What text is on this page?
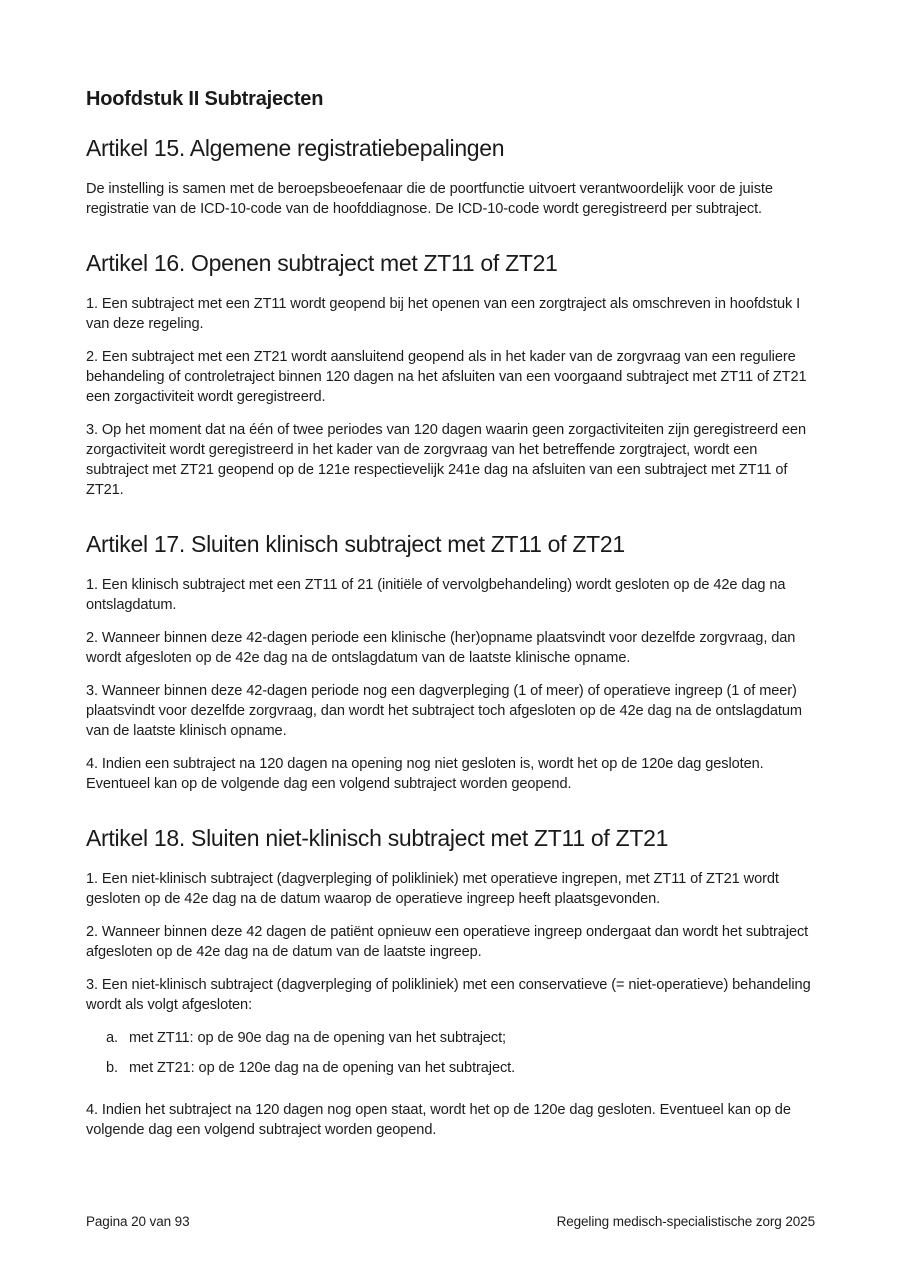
Hoofdstuk II Subtrajecten
Artikel 15. Algemene registratiebepalingen

De instelling is samen met de beroepsbeoefenaar die de poortfunctie uitvoert verantwoordelijk voor de juiste registratie van de ICD-10-code van de hoofddiagnose. De ICD-10-code wordt geregistreerd per subtraject.

Artikel 16. Openen subtraject met ZT11 of ZT21

1. Een subtraject met een ZT11 wordt geopend bij het openen van een zorgtraject als omschreven in hoofdstuk I van deze regeling.

2. Een subtraject met een ZT21 wordt aansluitend geopend als in het kader van de zorgvraag van een reguliere behandeling of controletraject binnen 120 dagen na het afsluiten van een voorgaand subtraject met ZT11 of ZT21 een zorgactiviteit wordt geregistreerd.

3. Op het moment dat na één of twee periodes van 120 dagen waarin geen zorgactiviteiten zijn geregistreerd een zorgactiviteit wordt geregistreerd in het kader van de zorgvraag van het betreffende zorgtraject, wordt een subtraject met ZT21 geopend op de 121e respectievelijk 241e dag na afsluiten van een subtraject met ZT11 of ZT21.

Artikel 17. Sluiten klinisch subtraject met ZT11 of ZT21

1. Een klinisch subtraject met een ZT11 of 21 (initiële of vervolgbehandeling) wordt gesloten op de 42e dag na ontslagdatum.

2. Wanneer binnen deze 42-dagen periode een klinische (her)opname plaatsvindt voor dezelfde zorgvraag, dan wordt afgesloten op de 42e dag na de ontslagdatum van de laatste klinische opname.

3. Wanneer binnen deze 42-dagen periode nog een dagverpleging (1 of meer) of operatieve ingreep (1 of meer) plaatsvindt voor dezelfde zorgvraag, dan wordt het subtraject toch afgesloten op de 42e dag na de ontslagdatum van de laatste klinisch opname.

4. Indien een subtraject na 120 dagen na opening nog niet gesloten is, wordt het op de 120e dag gesloten. Eventueel kan op de volgende dag een volgend subtraject worden geopend.

Artikel 18. Sluiten niet-klinisch subtraject met ZT11 of ZT21

1. Een niet-klinisch subtraject (dagverpleging of polikliniek) met operatieve ingrepen, met ZT11 of ZT21 wordt gesloten op de 42e dag na de datum waarop de operatieve ingreep heeft plaatsgevonden.

2. Wanneer binnen deze 42 dagen de patiënt opnieuw een operatieve ingreep ondergaat dan wordt het subtraject afgesloten op de 42e dag na de datum van de laatste ingreep.

3. Een niet-klinisch subtraject (dagverpleging of polikliniek) met een conservatieve (= niet-operatieve) behandeling wordt als volgt afgesloten:

a. met ZT11: op de 90e dag na de opening van het subtraject;
b. met ZT21: op de 120e dag na de opening van het subtraject.

4. Indien het subtraject na 120 dagen nog open staat, wordt het op de 120e dag gesloten. Eventueel kan op de volgende dag een volgend subtraject worden geopend.

Pagina 20 van 93	Regeling medisch-specialistische zorg 2025
